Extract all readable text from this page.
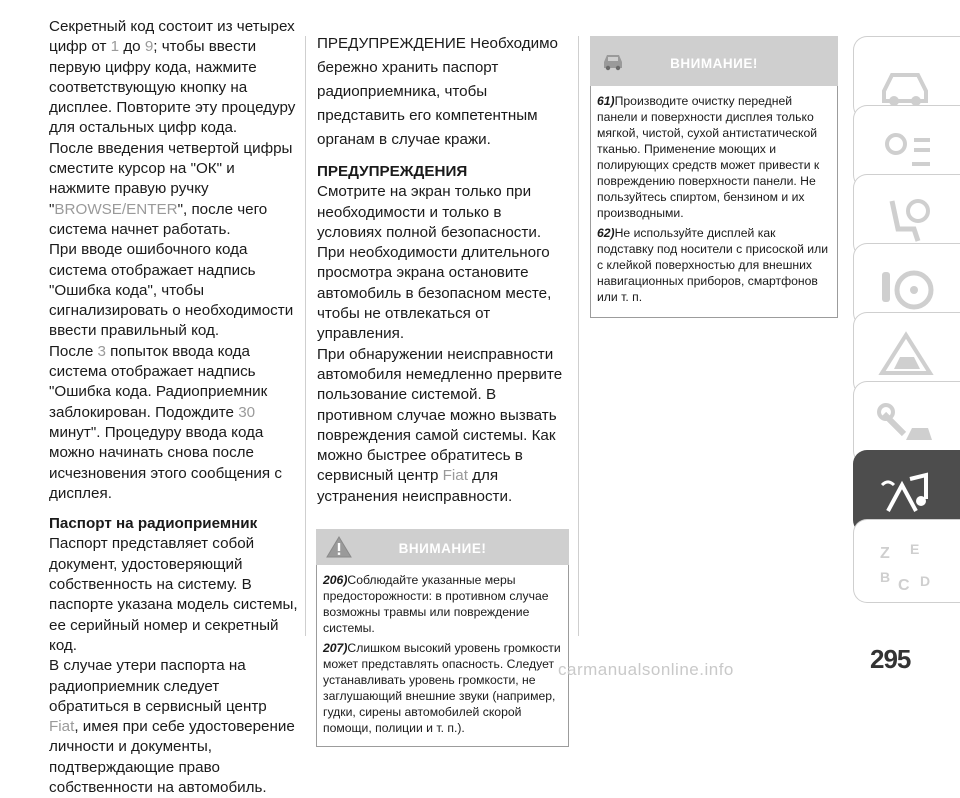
Секретный код состоит из четырех цифр от 1 до 9; чтобы ввести первую цифру кода, нажмите соответствующую кнопку на дисплее. Повторите эту процедуру для остальных цифр кода.

После введения четвертой цифры сместите курсор на "ОК" и нажмите правую ручку "BROWSE/ENTER", после чего система начнет работать.

При вводе ошибочного кода система отображает надпись "Ошибка кода", чтобы сигнализировать о необходимости ввести правильный код.

После 3 попыток ввода кода система отображает надпись "Ошибка кода. Радиоприемник заблокирован. Подождите 30 минут". Процедуру ввода кода можно начинать снова после исчезновения этого сообщения с дисплея.

Паспорт на радиоприемник

Паспорт представляет собой документ, удостоверяющий собственность на систему. В паспорте указана модель системы, ее серийный номер и секретный код.

В случае утери паспорта на радиоприемник следует обратиться в сервисный центр Fiat, имея при себе удостоверение личности и документы, подтверждающие право собственности на автомобиль.

ПРЕДУПРЕЖДЕНИЕ Необходимо бережно хранить паспорт радиоприемника, чтобы представить его компетентным органам в случае кражи.

ПРЕДУПРЕЖДЕНИЯ

Смотрите на экран только при необходимости и только в условиях полной безопасности. При необходимости длительного просмотра экрана остановите автомобиль в безопасном месте, чтобы не отвлекаться от управления.

При обнаружении неисправности автомобиля немедленно прервите пользование системой. В противном случае можно вызвать повреждения самой системы. Как можно быстрее обратитесь в сервисный центр Fiat для устранения неисправности.

ВНИМАНИЕ!

206)Соблюдайте указанные меры предосторожности: в противном случае возможны травмы или повреждение системы.

207)Слишком высокий уровень громкости может представлять опасность. Следует устанавливать уровень громкости, не заглушающий внешние звуки (например, гудки, сирены автомобилей скорой помощи, полиции и т. п.).

ВНИМАНИЕ!

61)Производите очистку передней панели и поверхности дисплея только мягкой, чистой, сухой антистатической тканью. Применение моющих и полирующих средств может привести к повреждению поверхности панели. Не пользуйтесь спиртом, бензином и их производными.

62)Не используйте дисплей как подставку под носители с присоской или с клейкой поверхностью для внешних навигационных приборов, смартфонов или т. п.

Z E
B C D
295
carmanualsonline.info
